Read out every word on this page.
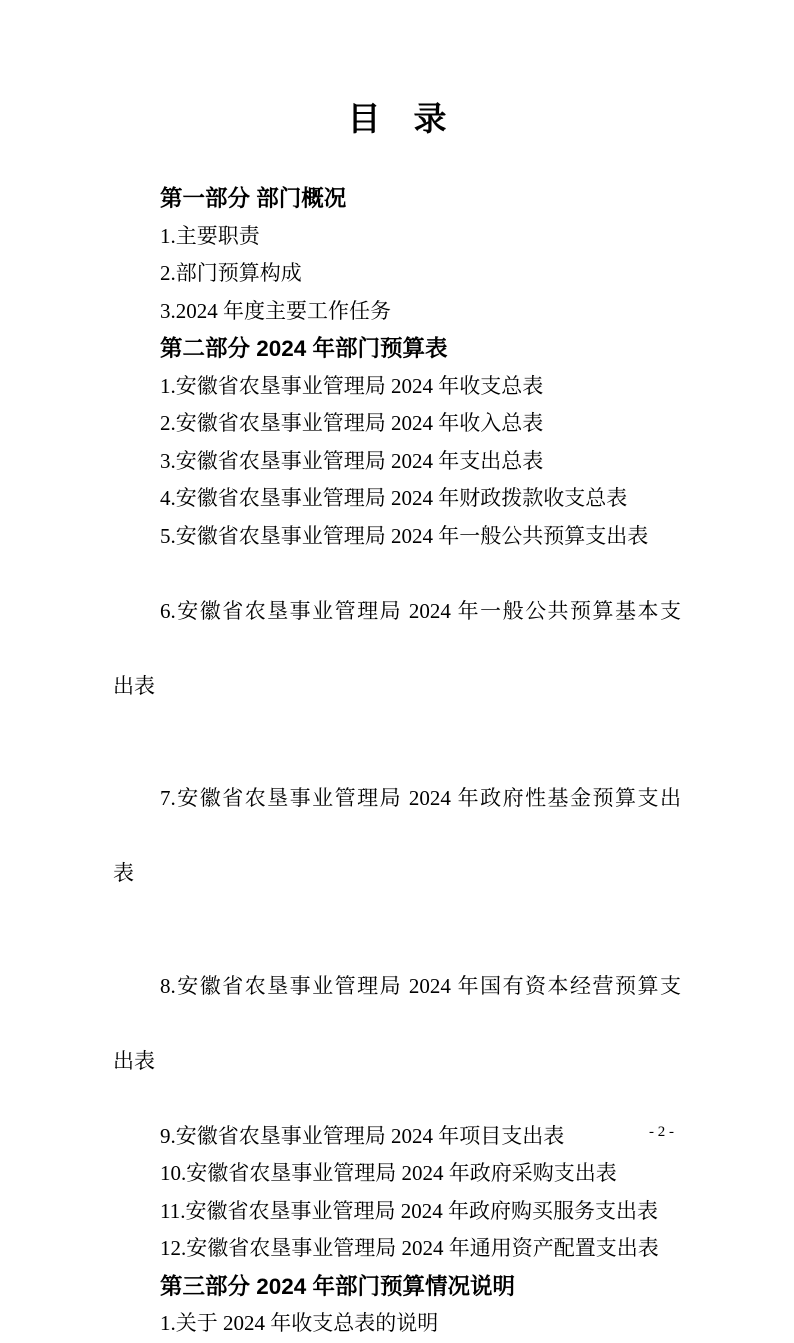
目　录

第一部分 部门概况

1.主要职责

2.部门预算构成

3.2024 年度主要工作任务

第二部分 2024 年部门预算表

1.安徽省农垦事业管理局 2024 年收支总表

2.安徽省农垦事业管理局 2024 年收入总表

3.安徽省农垦事业管理局 2024 年支出总表

4.安徽省农垦事业管理局 2024 年财政拨款收支总表

5.安徽省农垦事业管理局 2024 年一般公共预算支出表

6.安徽省农垦事业管理局 2024 年一般公共预算基本支

出表

7.安徽省农垦事业管理局 2024 年政府性基金预算支出

表

8.安徽省农垦事业管理局 2024 年国有资本经营预算支

出表

9.安徽省农垦事业管理局 2024 年项目支出表

10.安徽省农垦事业管理局 2024 年政府采购支出表

11.安徽省农垦事业管理局 2024 年政府购买服务支出表

12.安徽省农垦事业管理局 2024 年通用资产配置支出表

第三部分 2024 年部门预算情况说明

1.关于 2024 年收支总表的说明

- 2 -
